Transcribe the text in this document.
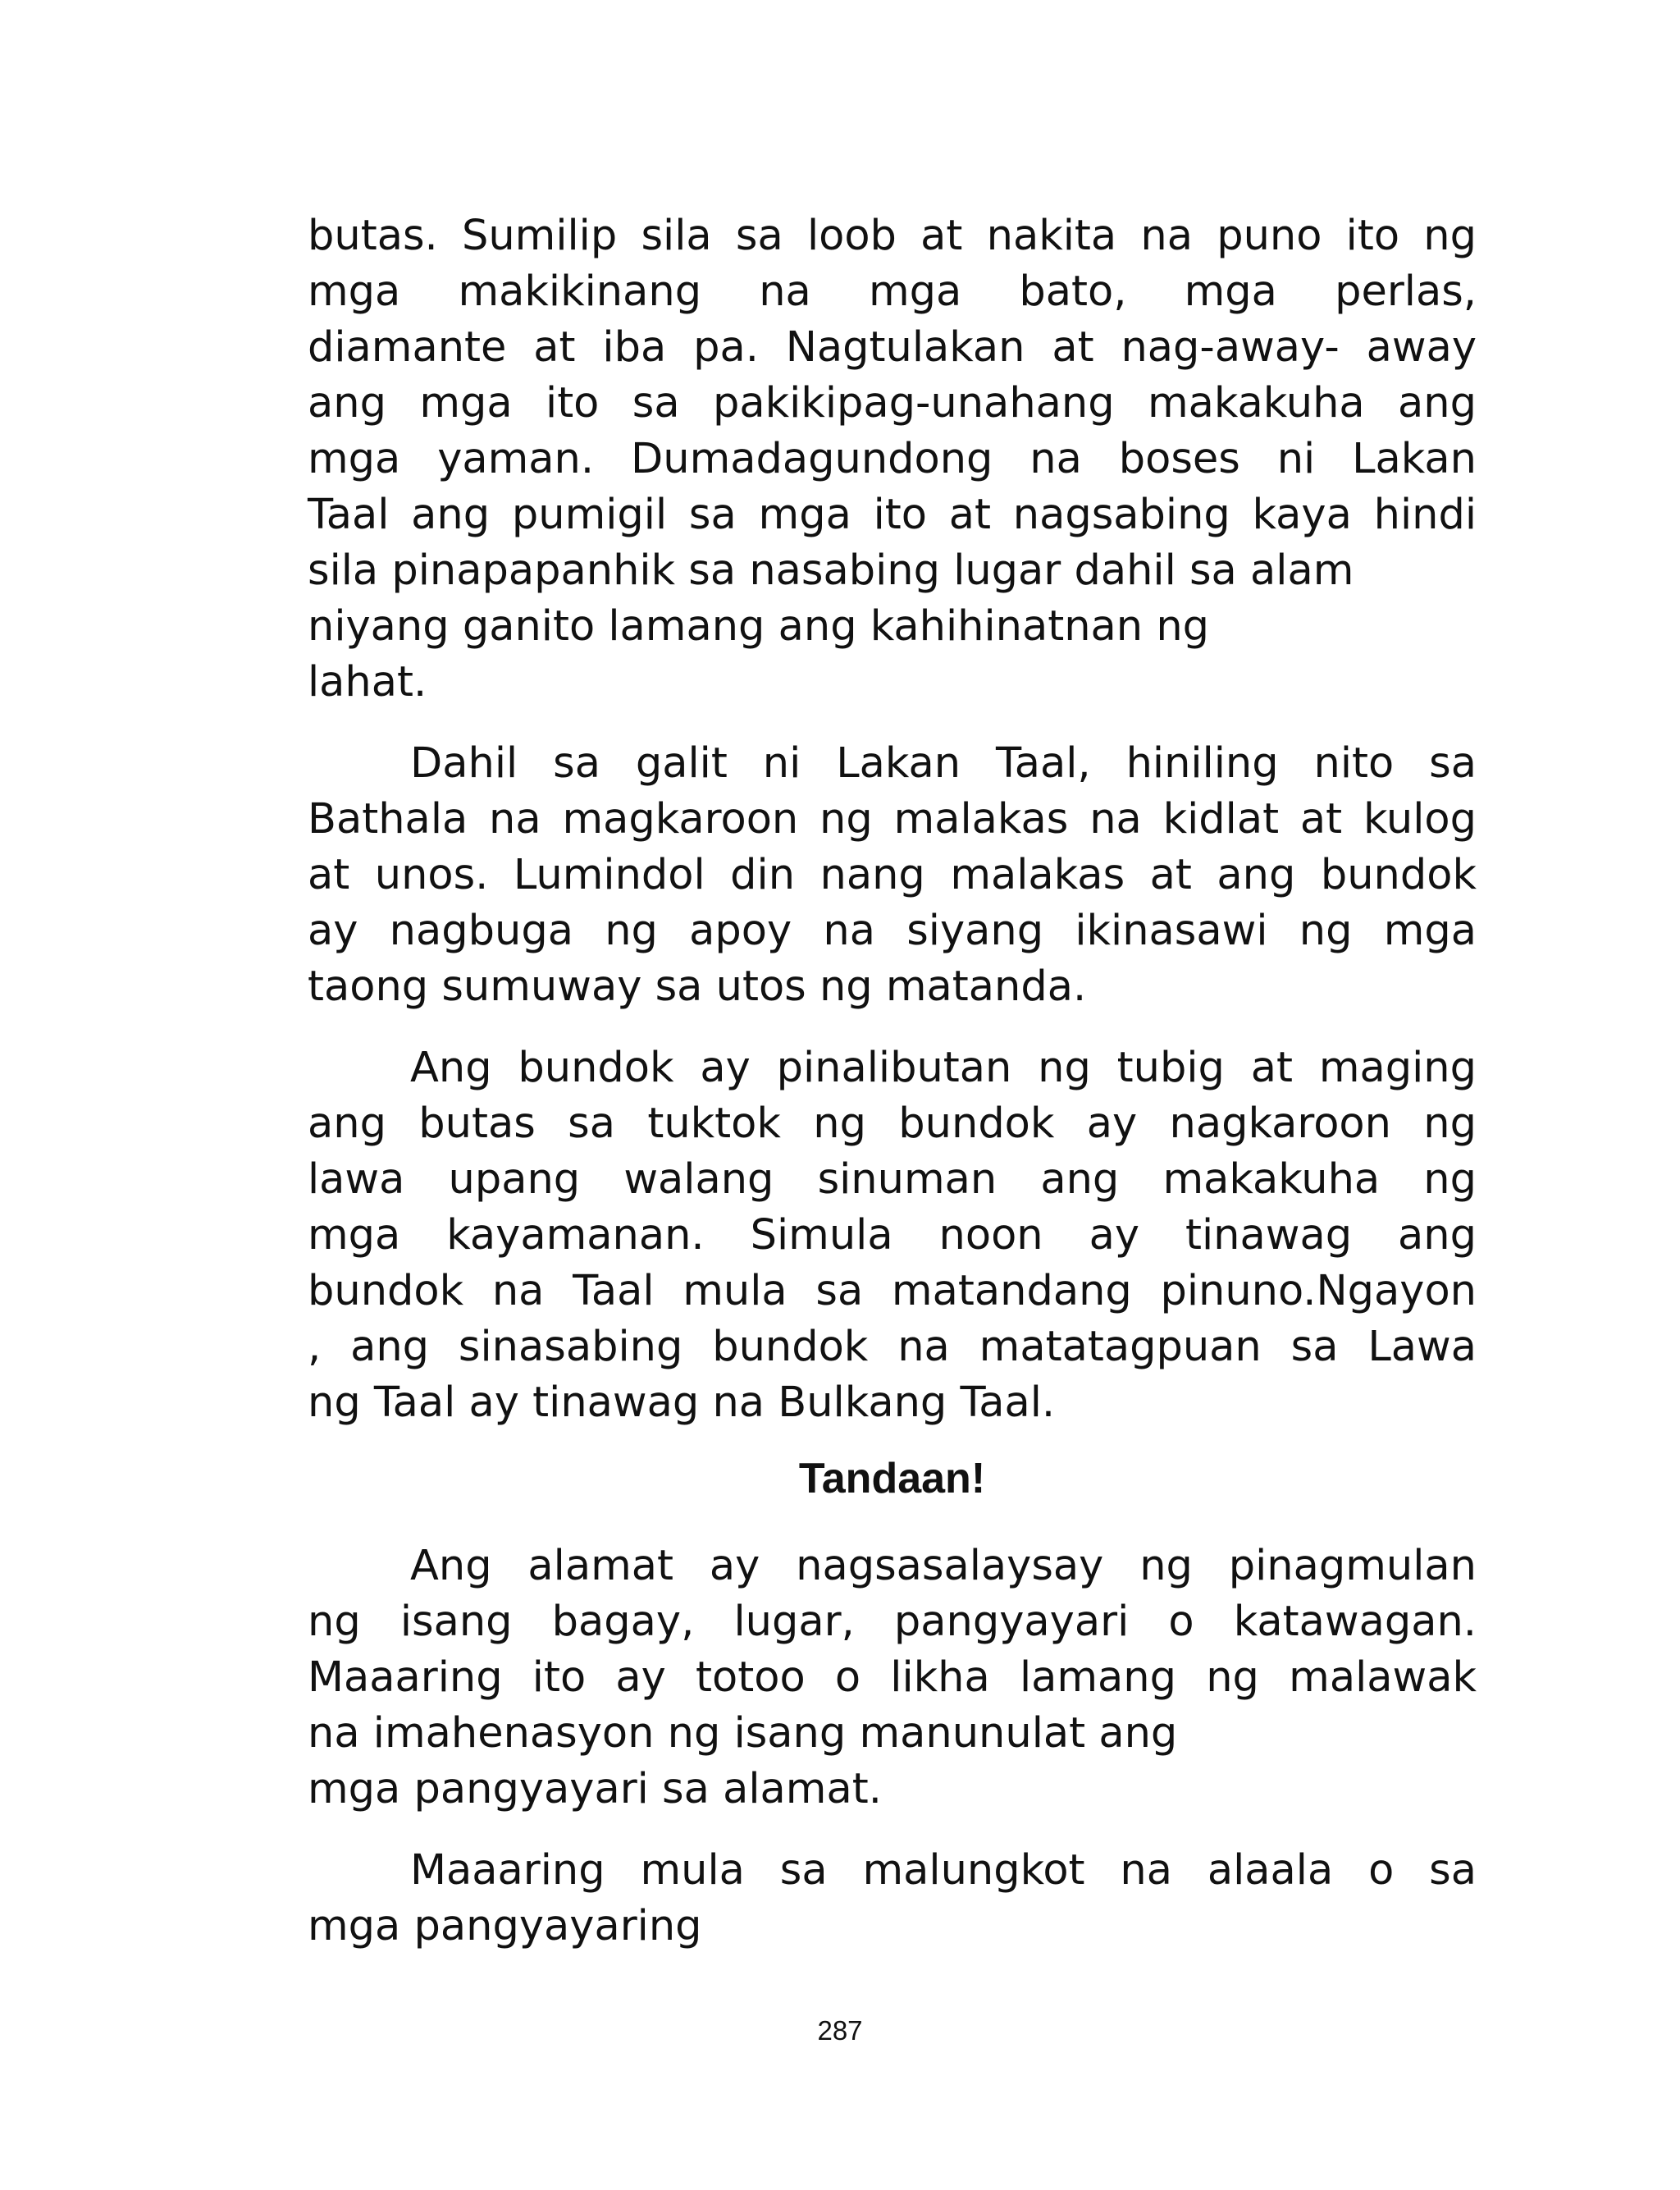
butas. Sumilip sila sa loob at nakita na puno ito ng
mga makikinang na mga bato, mga perlas,
diamante at iba pa. Nagtulakan at nag-away- away
ang mga ito sa pakikipag-unahang makakuha ang
mga yaman. Dumadagundong na boses ni Lakan
Taal ang pumigil sa mga ito at nagsabing kaya hindi
sila pinapapanhik sa nasabing lugar dahil sa alam
niyang ganito lamang ang kahihinatnan ng
lahat.

Dahil sa galit ni Lakan Taal, hiniling nito sa
Bathala na magkaroon ng malakas na kidlat at kulog
at unos. Lumindol din nang malakas at ang bundok
ay nagbuga ng apoy na siyang ikinasawi ng mga
taong sumuway sa utos ng matanda.

Ang bundok ay pinalibutan ng tubig at maging
ang butas sa tuktok ng bundok ay nagkaroon ng
lawa upang walang sinuman ang makakuha ng
mga kayamanan. Simula noon ay tinawag ang
bundok na Taal mula sa matandang pinuno.Ngayon
, ang sinasabing bundok na matatagpuan sa Lawa
ng Taal ay tinawag na Bulkang Taal.

Tandaan!

Ang alamat ay nagsasalaysay ng pinagmulan
ng isang bagay, lugar, pangyayari o katawagan.
Maaaring ito ay totoo o likha lamang ng malawak
na imahenasyon ng isang manunulat ang
mga pangyayari sa alamat.

Maaaring mula sa malungkot na alaala o sa
mga pangyayaring

287
